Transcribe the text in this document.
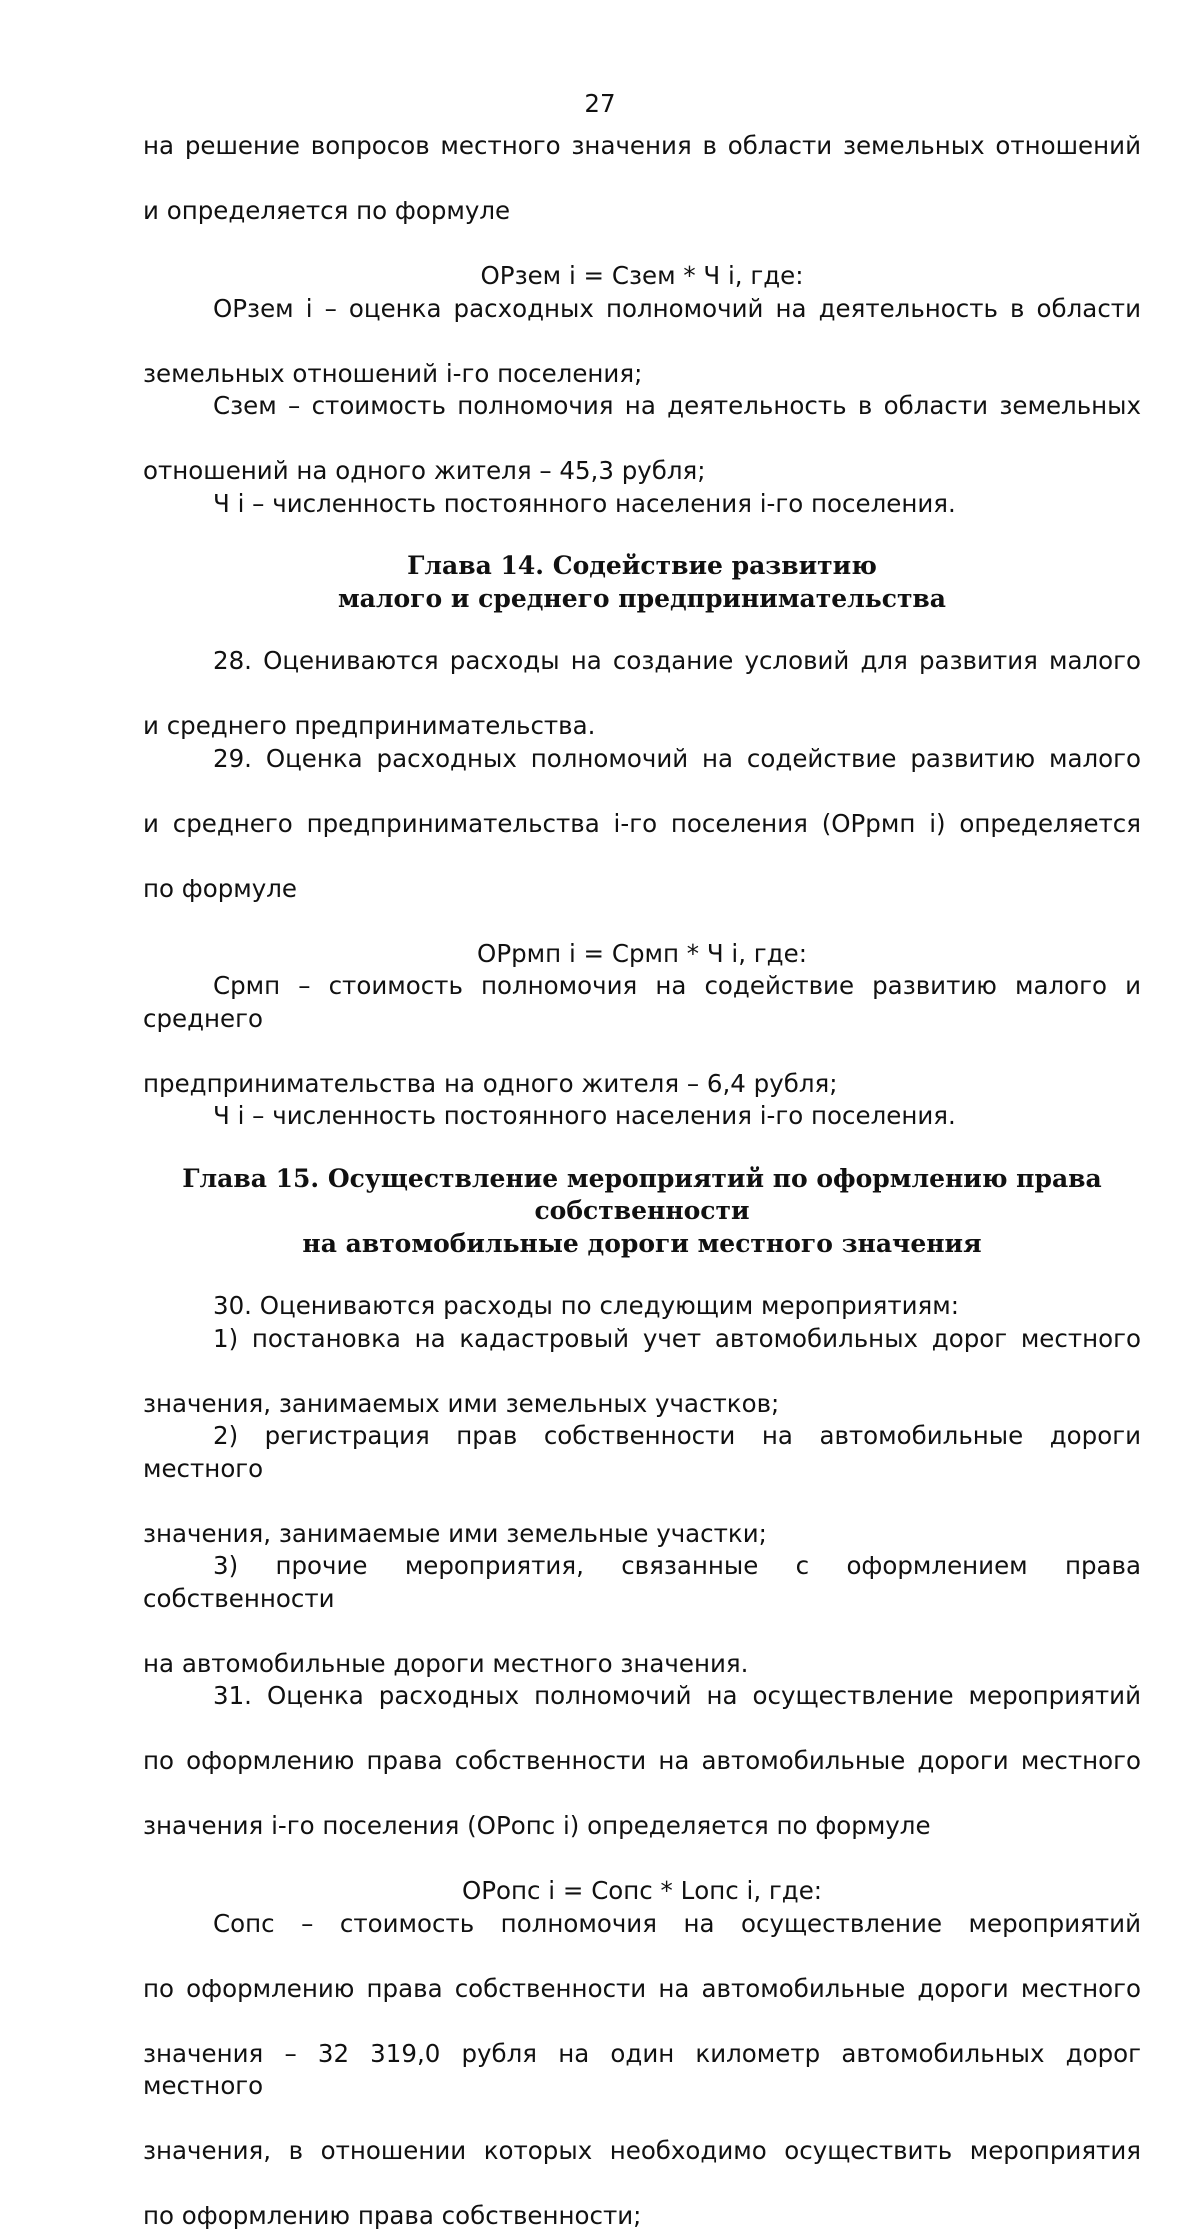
27

на решение вопросов местного значения в области земельных отношений

и определяется по формуле

ОРзем i = Сзем * Ч i, где:

ОРзем i – оценка расходных полномочий на деятельность в области

земельных отношений i-го поселения;

Сзем – стоимость полномочия на деятельность в области земельных

отношений на одного жителя – 45,3 рубля;

Ч i – численность постоянного населения i-го поселения.

Глава 14. Содействие развитию

малого и среднего предпринимательства

28. Оцениваются расходы на создание условий для развития малого

и среднего предпринимательства.

29. Оценка расходных полномочий на содействие развитию малого

и среднего предпринимательства i-го поселения (ОРрмп i) определяется

по формуле

ОРрмп i = Срмп * Ч i, где:

Срмп – стоимость полномочия на содействие развитию малого и среднего

предпринимательства на одного жителя – 6,4 рубля;

Ч i – численность постоянного населения i-го поселения.

Глава 15. Осуществление мероприятий по оформлению права собственности

на автомобильные дороги местного значения

30. Оцениваются расходы по следующим мероприятиям:

1) постановка на кадастровый учет автомобильных дорог местного

значения, занимаемых ими земельных участков;

2) регистрация прав собственности на автомобильные дороги местного

значения, занимаемые ими земельные участки;

3) прочие мероприятия, связанные с оформлением права собственности

на автомобильные дороги местного значения.

31. Оценка расходных полномочий на осуществление мероприятий

по оформлению права собственности на автомобильные дороги местного

значения i-го поселения (ОРопс i) определяется по формуле

ОРопс i = Сопс * Lопс i, где:

Сопс – стоимость полномочия на осуществление мероприятий

по оформлению права собственности на автомобильные дороги местного

значения – 32 319,0 рубля на один километр автомобильных дорог местного

значения, в отношении которых необходимо осуществить мероприятия

по оформлению права собственности;
